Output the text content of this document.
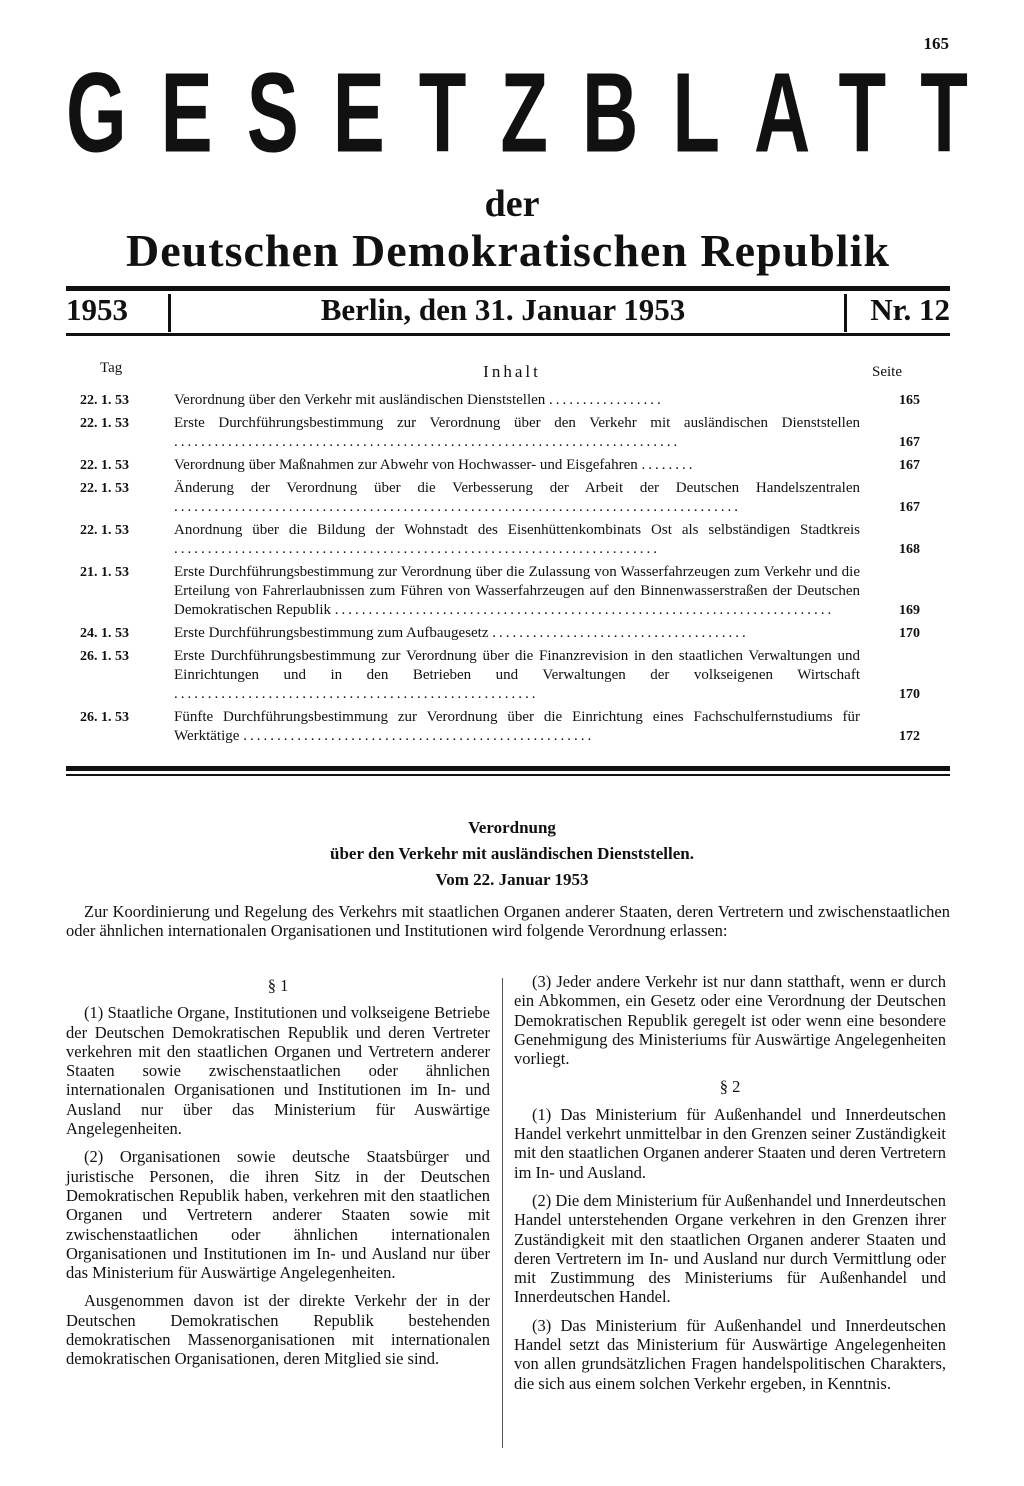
165
GESETZBLATT
der
Deutschen Demokratischen Republik
1953	Berlin, den 31. Januar 1953	Nr. 12
Tag	Inhalt	Seite
22. 1. 53	Verordnung über den Verkehr mit ausländischen Dienststellen .................	165
22. 1. 53	Erste Durchführungsbestimmung zur Verordnung über den Verkehr mit ausländischen Dienststellen ...........................................................................	167
22. 1. 53	Verordnung über Maßnahmen zur Abwehr von Hochwasser- und Eisgefahren ........	167
22. 1. 53	Änderung der Verordnung über die Verbesserung der Arbeit der Deutschen Handelszentralen ....................................................................................	167
22. 1. 53	Anordnung über die Bildung der Wohnstadt des Eisenhüttenkombinats Ost als selbständigen Stadtkreis ........................................................................	168
21. 1. 53	Erste Durchführungsbestimmung zur Verordnung über die Zulassung von Wasserfahrzeugen zum Verkehr und die Erteilung von Fahrerlaubnissen zum Führen von Wasserfahrzeugen auf den Binnenwasserstraßen der Deutschen Demokratischen Republik ..........................................................................	169
24. 1. 53	Erste Durchführungsbestimmung zum Aufbaugesetz ......................................	170
26. 1. 53	Erste Durchführungsbestimmung zur Verordnung über die Finanzrevision in den staatlichen Verwaltungen und Einrichtungen und in den Betrieben und Verwaltungen der volkseigenen Wirtschaft ......................................................	170
26. 1. 53	Fünfte Durchführungsbestimmung zur Verordnung über die Einrichtung eines Fachschulfernstudiums für Werktätige ....................................................	172
Verordnung
über den Verkehr mit ausländischen Dienststellen.
Vom 22. Januar 1953
Zur Koordinierung und Regelung des Verkehrs mit staatlichen Organen anderer Staaten, deren Vertretern und zwischenstaatlichen oder ähnlichen internationalen Organisationen und Institutionen wird folgende Verordnung erlassen:
§ 1

(1) Staatliche Organe, Institutionen und volkseigene Betriebe der Deutschen Demokratischen Republik und deren Vertreter verkehren mit den staatlichen Organen und Vertretern anderer Staaten sowie zwischenstaatlichen oder ähnlichen internationalen Organisationen und Institutionen im In- und Ausland nur über das Ministerium für Auswärtige Angelegenheiten.

(2) Organisationen sowie deutsche Staatsbürger und juristische Personen, die ihren Sitz in der Deutschen Demokratischen Republik haben, verkehren mit den staatlichen Organen und Vertretern anderer Staaten sowie mit zwischenstaatlichen oder ähnlichen internationalen Organisationen und Institutionen im In- und Ausland nur über das Ministerium für Auswärtige Angelegenheiten.

Ausgenommen davon ist der direkte Verkehr der in der Deutschen Demokratischen Republik bestehenden demokratischen Massenorganisationen mit internationalen demokratischen Organisationen, deren Mitglied sie sind.

(3) Jeder andere Verkehr ist nur dann statthaft, wenn er durch ein Abkommen, ein Gesetz oder eine Verordnung der Deutschen Demokratischen Republik geregelt ist oder wenn eine besondere Genehmigung des Ministeriums für Auswärtige Angelegenheiten vorliegt.

§ 2

(1) Das Ministerium für Außenhandel und Innerdeutschen Handel verkehrt unmittelbar in den Grenzen seiner Zuständigkeit mit den staatlichen Organen anderer Staaten und deren Vertretern im In- und Ausland.

(2) Die dem Ministerium für Außenhandel und Innerdeutschen Handel unterstehenden Organe verkehren in den Grenzen ihrer Zuständigkeit mit den staatlichen Organen anderer Staaten und deren Vertretern im In- und Ausland nur durch Vermittlung oder mit Zustimmung des Ministeriums für Außenhandel und Innerdeutschen Handel.

(3) Das Ministerium für Außenhandel und Innerdeutschen Handel setzt das Ministerium für Auswärtige Angelegenheiten von allen grundsätzlichen Fragen handelspolitischen Charakters, die sich aus einem solchen Verkehr ergeben, in Kenntnis.
